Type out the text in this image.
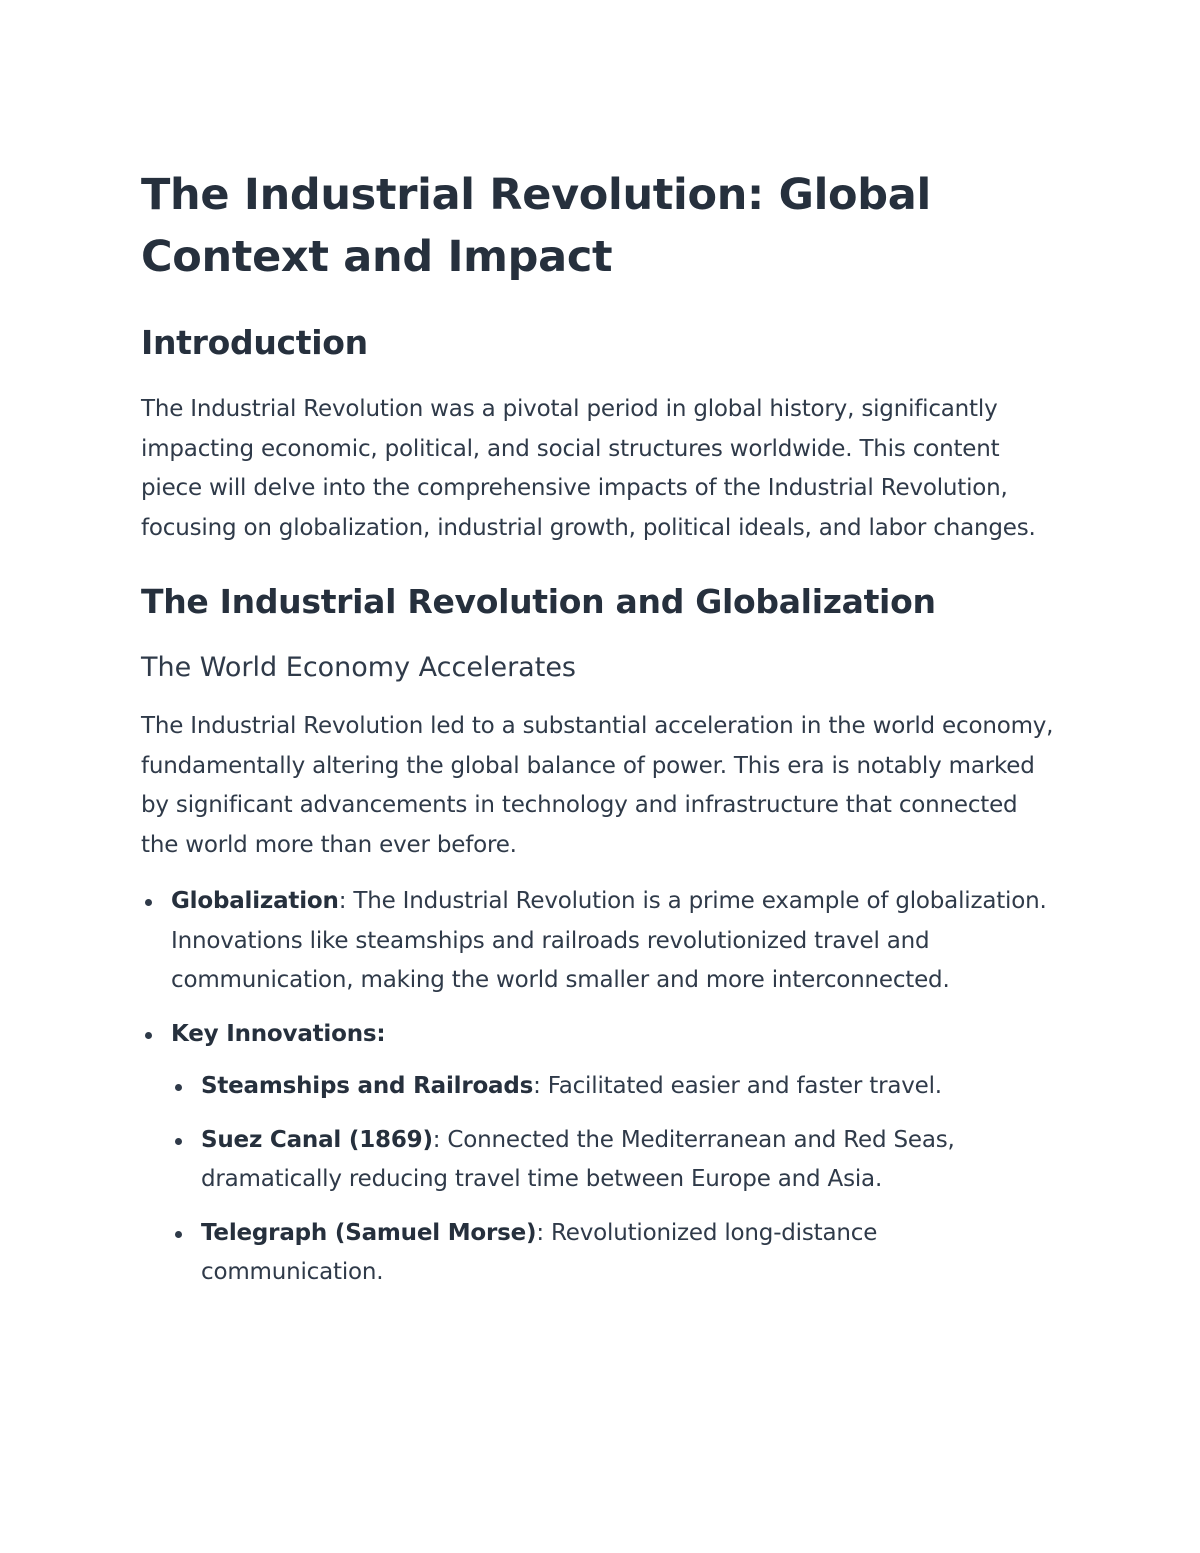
The Industrial Revolution: Global Context and Impact
Introduction

The Industrial Revolution was a pivotal period in global history, significantly impacting economic, political, and social structures worldwide. This content piece will delve into the comprehensive impacts of the Industrial Revolution, focusing on globalization, industrial growth, political ideals, and labor changes.

The Industrial Revolution and Globalization
The World Economy Accelerates

The Industrial Revolution led to a substantial acceleration in the world economy, fundamentally altering the global balance of power. This era is notably marked by significant advancements in technology and infrastructure that connected the world more than ever before.

Globalization: The Industrial Revolution is a prime example of globalization. Innovations like steamships and railroads revolutionized travel and communication, making the world smaller and more interconnected.
Key Innovations:
Steamships and Railroads: Facilitated easier and faster travel.
Suez Canal (1869): Connected the Mediterranean and Red Seas, dramatically reducing travel time between Europe and Asia.
Telegraph (Samuel Morse): Revolutionized long-distance communication.
